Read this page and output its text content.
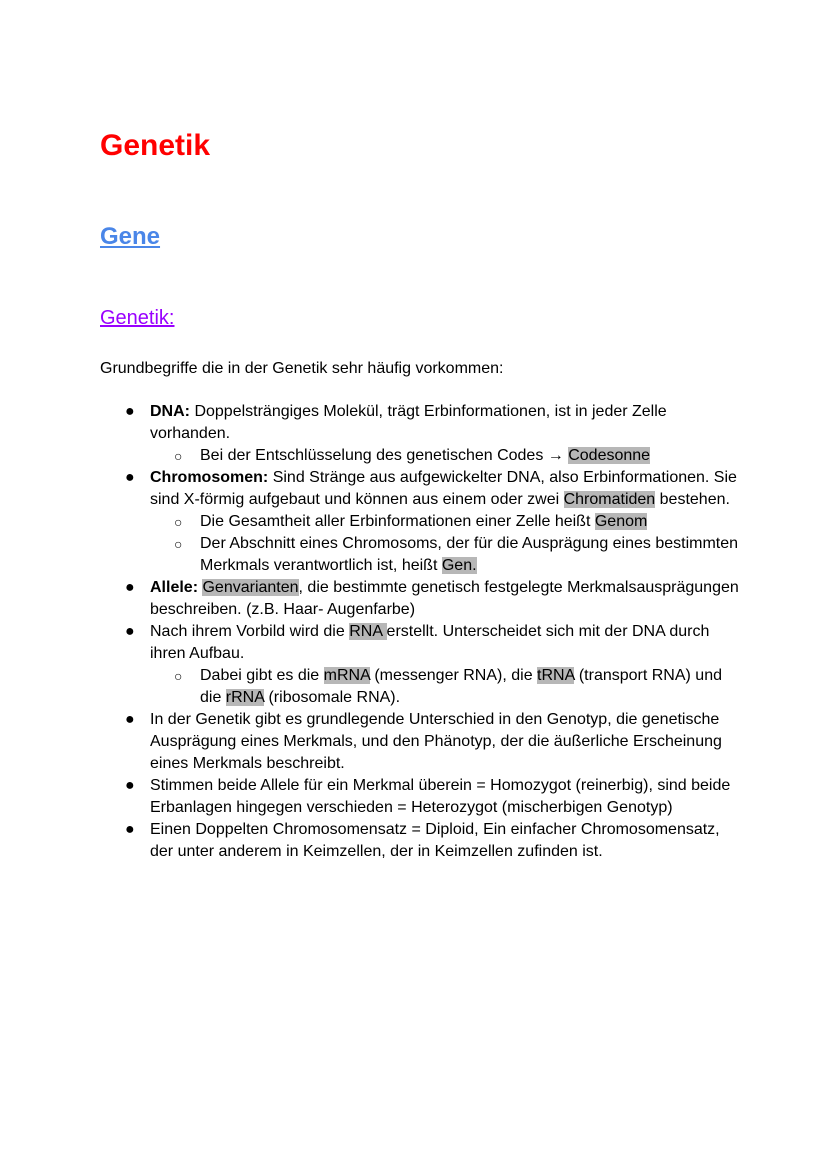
Genetik
Gene
Genetik:

Grundbegriffe die in der Genetik sehr häufig vorkommen:

● DNA: Doppelsträngiges Molekül, trägt Erbinformationen, ist in jeder Zelle vorhanden.
○ Bei der Entschlüsselung des genetischen Codes → Codesonne
● Chromosomen: Sind Stränge aus aufgewickelter DNA, also Erbinformationen. Sie sind X-förmig aufgebaut und können aus einem oder zwei Chromatiden bestehen.
○ Die Gesamtheit aller Erbinformationen einer Zelle heißt Genom
○ Der Abschnitt eines Chromosoms, der für die Ausprägung eines bestimmten Merkmals verantwortlich ist, heißt Gen.
● Allele: Genvarianten, die bestimmte genetisch festgelegte Merkmalsausprägungen beschreiben. (z.B. Haar- Augenfarbe)
● Nach ihrem Vorbild wird die RNA erstellt. Unterscheidet sich mit der DNA durch ihren Aufbau.
○ Dabei gibt es die mRNA (messenger RNA), die tRNA (transport RNA) und die rRNA (ribosomale RNA).
● In der Genetik gibt es grundlegende Unterschied in den Genotyp, die genetische Ausprägung eines Merkmals, und den Phänotyp, der die äußerliche Erscheinung eines Merkmals beschreibt.
● Stimmen beide Allele für ein Merkmal überein = Homozygot (reinerbig), sind beide Erbanlagen hingegen verschieden = Heterozygot (mischerbigen Genotyp)
● Einen Doppelten Chromosomensatz = Diploid, Ein einfacher Chromosomensatz, der unter anderem in Keimzellen, der in Keimzellen zufinden ist.
